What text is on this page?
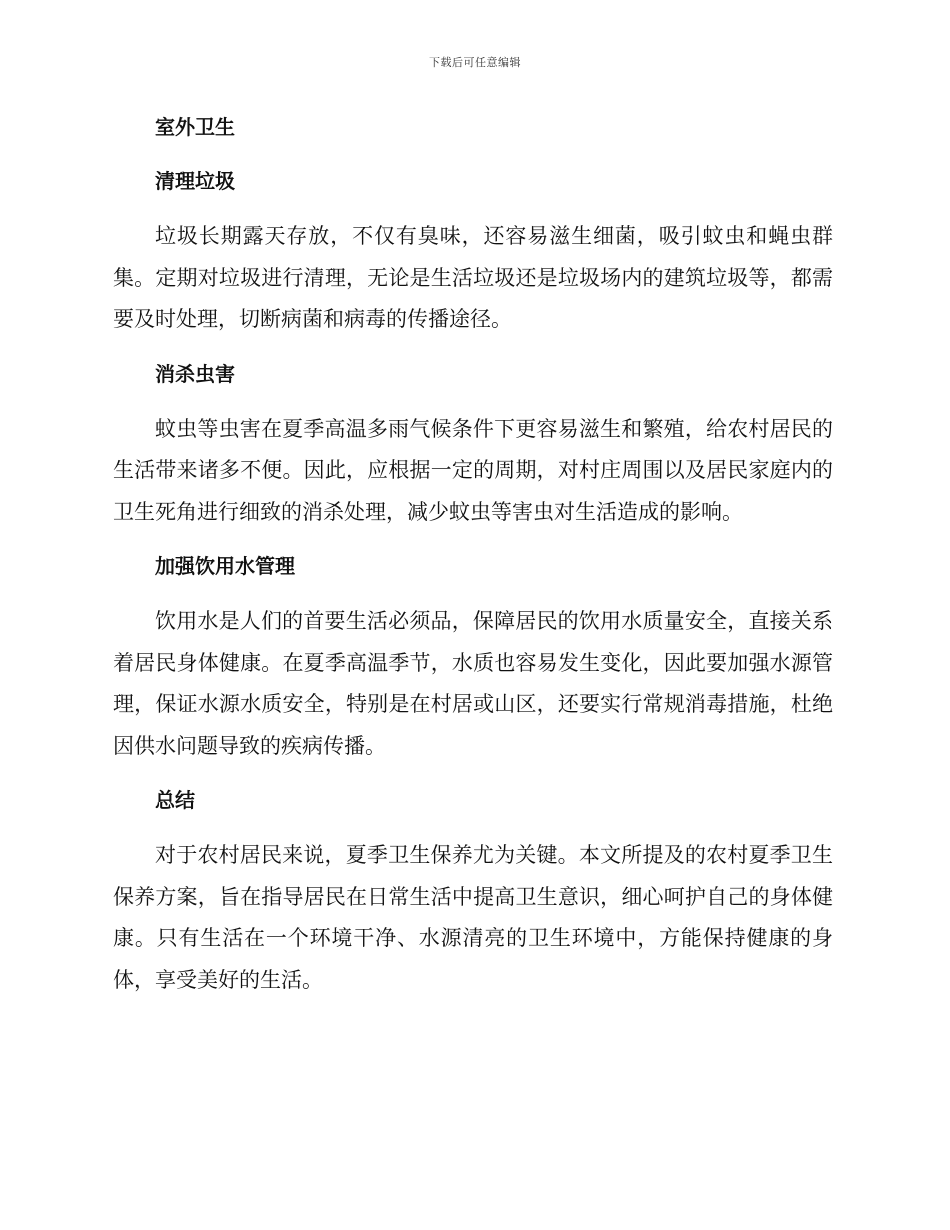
下载后可任意编辑
室外卫生
清理垃圾

垃圾长期露天存放，不仅有臭味，还容易滋生细菌，吸引蚊虫和蝇虫群集。定期对垃圾进行清理，无论是生活垃圾还是垃圾场内的建筑垃圾等，都需要及时处理，切断病菌和病毒的传播途径。

消杀虫害

蚊虫等虫害在夏季高温多雨气候条件下更容易滋生和繁殖，给农村居民的生活带来诸多不便。因此，应根据一定的周期，对村庄周围以及居民家庭内的卫生死角进行细致的消杀处理，减少蚊虫等害虫对生活造成的影响。

加强饮用水管理

饮用水是人们的首要生活必须品，保障居民的饮用水质量安全，直接关系着居民身体健康。在夏季高温季节，水质也容易发生变化，因此要加强水源管理，保证水源水质安全，特别是在村居或山区，还要实行常规消毒措施，杜绝因供水问题导致的疾病传播。

总结

对于农村居民来说，夏季卫生保养尤为关键。本文所提及的农村夏季卫生保养方案，旨在指导居民在日常生活中提高卫生意识，细心呵护自己的身体健康。只有生活在一个环境干净、水源清亮的卫生环境中，方能保持健康的身体，享受美好的生活。
